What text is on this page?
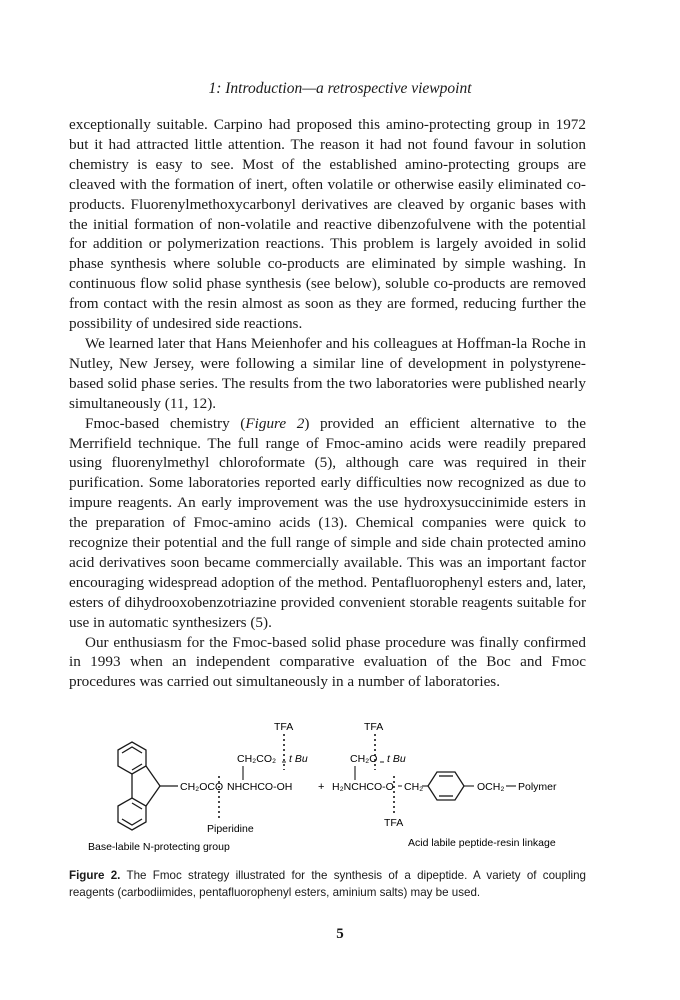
1: Introduction—a retrospective viewpoint

exceptionally suitable. Carpino had proposed this amino-protecting group in 1972 but it had attracted little attention. The reason it had not found favour in solution chemistry is easy to see. Most of the established amino-protecting groups are cleaved with the formation of inert, often volatile or otherwise easily eliminated co-products. Fluorenylmethoxycarbonyl derivatives are cleaved by organic bases with the initial formation of non-volatile and reactive dibenzofulvene with the potential for addition or polymerization reactions. This problem is largely avoided in solid phase synthesis where soluble co-products are eliminated by simple washing. In continuous flow solid phase synthesis (see below), soluble co-products are removed from contact with the resin almost as soon as they are formed, reducing further the possibility of undesired side reactions.

We learned later that Hans Meienhofer and his colleagues at Hoffman-la Roche in Nutley, New Jersey, were following a similar line of development in polystyrene-based solid phase series. The results from the two laboratories were published nearly simultaneously (11, 12).

Fmoc-based chemistry (Figure 2) provided an efficient alternative to the Merrifield technique. The full range of Fmoc-amino acids were readily prepared using fluorenylmethyl chloroformate (5), although care was required in their purification. Some laboratories reported early difficulties now recognized as due to impure reagents. An early improvement was the use hydroxysuccinimide esters in the preparation of Fmoc-amino acids (13). Chemical companies were quick to recognize their potential and the full range of simple and side chain protected amino acid derivatives soon became commercially available. This was an important factor encouraging widespread adoption of the method. Pentafluorophenyl esters and, later, esters of dihydrooxobenzotriazine provided convenient storable reagents suitable for use in automatic synthesizers (5).

Our enthusiasm for the Fmoc-based solid phase procedure was finally confirmed in 1993 when an independent comparative evaluation of the Boc and Fmoc procedures was carried out simultaneously in a number of laboratories.

CH₂OCO NHCHCO-OH
CH₂CO₂ t Bu
TFA
Piperidine
+ H₂NCHCO-O
CH₂O t Bu
TFA
TFA
CH₂	OCH₂ Polymer
Base-labile N-protecting group	Acid labile peptide-resin linkage
Figure 2. The Fmoc strategy illustrated for the synthesis of a dipeptide. A variety of coupling reagents (carbodiimides, pentafluorophenyl esters, aminium salts) may be used.
5
